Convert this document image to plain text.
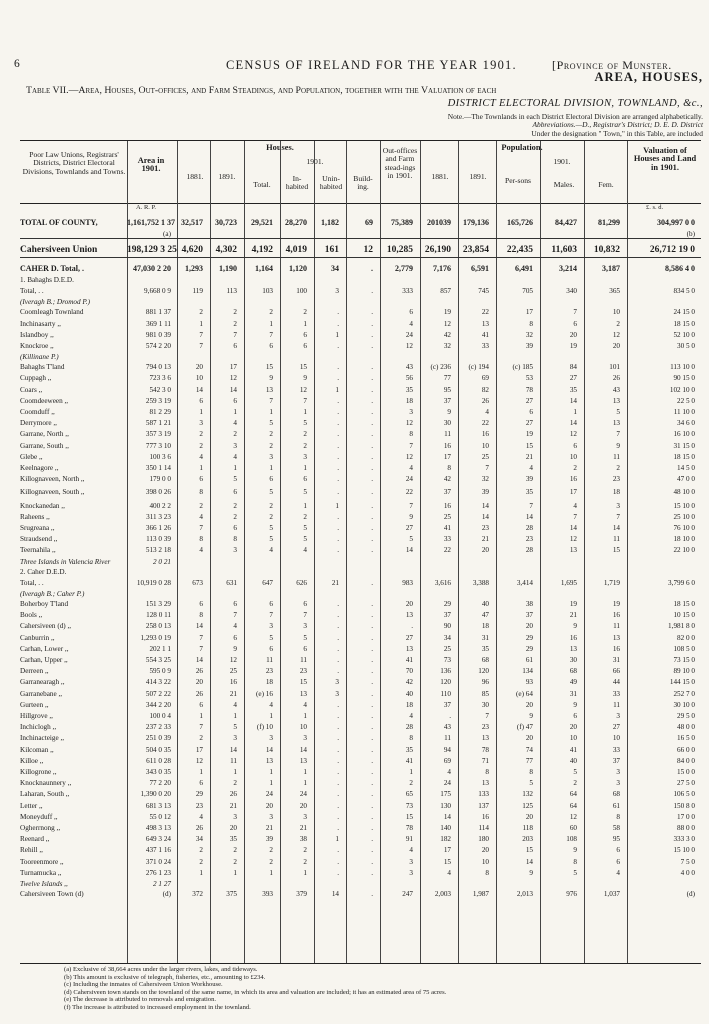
6	CENSUS OF IRELAND FOR THE YEAR 1901.	[Province of Munster.
AREA, HOUSES,
Table VII.—Area, Houses, Out-offices, and Farm Steadings, and Population, together with the Valuation of each
DISTRICT ELECTORAL DIVISION, TOWNLAND, &c.,
Note.—The Townlands in each District Electoral Division are arranged alphabetically.
Abbreviations.—D., Registrar's District; D. E. D. District
Under the designation " Town," in this Table, are included
Poor Law Unions, Registrars' Districts, District Electoral Divisions, Townlands and Towns.
Area in 1901.
Houses.
1881.	1891.
1901.
Total.
In-habited
Unin-habited
Build-ing.
Out-offices and Farm stead-ings in 1901.
Population.
1881.	1891.
1901.
Per-sons	Males.	Fem.
Valuation of Houses and Land in 1901.
A. R. P.	£. s. d.
TOTAL OF COUNTY,	1,161,752 1 37 32,517	30,723	29,521	28,270	1,182	69	75,389	201039	179,136	165,726	84,427	81,299	304,997 0 0
(a)	(b)
Cahersiveen Union	198,129 3 25 4,620	4,302	4,192	4,019	161	12	10,285	26,190	23,854	22,435	11,603	10,832	26,712 19 0
CAHER D. Total, .	47,030 2 20	1,293	1,190	1,164	1,120	34	.	2,779	7,176	6,591	6,491	3,214	3,187	8,586 4 0
1. Bahaghs D.E.D.
Total, . .	9,668 0 9	119	113	103	100	3	.	333	857	745	705	340	365	834 5 0
(Iveragh B.; Dromod P.)
Coomleagh Townland	881 1 37	2	2	2	2	.	.	6	19	22	17	7	10	24 15 0
Inchinasarty ,,	369 1 11	1	2	1	1	.	.	4	12	13	8	6	2	18 15 0
Islandboy ,,	981 0 39	7	7	7	6	1	.	24	42	41	32	20	12	52 10 0
Knockroe ,,	574 2 20	7	6	6	6	.	.	12	32	33	39	19	20	30 5 0
(Killinane P.)
Bahaghs T'land	794 0 13	20	17	15	15	.	.	43	(c) 236	(c) 194	(c) 185	84	101	113 10 0
Cuppagh ,,	723 3 6	10	12	9	9	.	.	56	77	69	53	27	26	90 15 0
Coars ,,	542 3 0	14	14	13	12	1	.	35	95	82	78	35	43	102 10 0
Coomdeeween ,,	259 3 19	6	6	7	7	.	.	18	37	26	27	14	13	22 5 0
Coomduff ,,	81 2 29	1	1	1	1	.	.	3	9	4	6	1	5	11 10 0
Derrymore ,,	587 1 21	3	4	5	5	.	.	12	30	22	27	14	13	34 6 0
Garrane, North ,,	357 3 19	2	2	2	2	.	.	8	11	16	19	12	7	16 10 0
Garrane, South ,,	777 3 10	2	3	2	2	.	.	7	16	10	15	6	9	31 15 0
Glebe ,,	100 3 6	4	4	3	3	.	.	12	17	25	21	10	11	18 15 0
Keelnagore ,,	350 1 14	1	1	1	1	.	.	4	8	7	4	2	2	14 5 0
Killognaveen, North ,,	179 0 0	6	5	6	6	.	.	24	42	32	39	16	23	47 0 0
Killognaveen, South ,,	398 0 26	8	6	5	5	.	.	22	37	39	35	17	18	48 10 0
Knockanedan ,,	400 2 2	2	2	2	1	1	.	7	16	14	7	4	3	15 10 0
Raheens ,,	311 3 23	4	2	2	2	.	.	9	25	14	14	7	7	25 10 0
Srugreana ,,	366 1 26	7	6	5	5	.	.	27	41	23	28	14	14	76 10 0
Straudsend ,,	113 0 39	8	8	5	5	.	.	5	33	21	23	12	11	18 10 0
Teernahila ,,	513 2 18	4	3	4	4	.	.	14	22	20	28	13	15	22 10 0
Three Islands in Valencia River	2 0 21
2. Caher D.E.D.
Total, . .	10,919 0 28	673	631	647	626	21	.	983	3,616	3,388	3,414	1,695	1,719	3,799 6 0
(Iveragh B.; Caher P.)
Boherboy T'land	151 3 29	6	6	6	6	.	.	20	29	40	38	19	19	18 15 0
Bools ,,	128 0 11	8	7	7	7	.	.	13	37	47	37	21	16	10 15 0
Cahersiveen (d) ,,	258 0 13	14	4	3	3	.	.	.	90	18	20	9	11	1,981 8 0
Canburrin ,,	1,293 0 19	7	6	5	5	.	.	27	34	31	29	16	13	82 0 0
Carhan, Lower ,,	202 1 1	7	9	6	6	.	.	13	25	35	29	13	16	108 5 0
Carhan, Upper ,,	554 3 25	14	12	11	11	.	.	41	73	68	61	30	31	73 15 0
Derreen ,,	595 0 9	26	25	23	23	.	.	70	136	120	134	68	66	89 10 0
Garranearagh ,,	414 3 22	20	16	18	15	3	.	42	120	96	93	49	44	144 15 0
Garranebane ,,	507 2 22	26	21	(e) 16	13	3	.	40	110	85	(e) 64	31	33	252 7 0
Gurteen ,,	344 2 20	6	4	4	4	.	.	18	37	30	20	9	11	30 10 0
Hillgrove ,,	100 0 4	1	1	1	1	.	.	4	.	7	9	6	3	29 5 0
Inchiclogh ,,	237 2 33	7	5	(f) 10	10	.	.	28	43	23	(f) 47	20	27	48 0 0
Inchinacteige ,,	251 0 39	2	3	3	3	.	.	8	11	13	20	10	10	16 5 0
Kilcoman ,,	504 0 35	17	14	14	14	.	.	35	94	78	74	41	33	66 0 0
Killoe ,,	611 0 28	12	11	13	13	.	.	41	69	71	77	40	37	84 0 0
Killogrone ,,	343 0 35	1	1	1	1	.	.	1	4	8	8	5	3	15 0 0
Knocknaunnery ,,	77 2 20	6	2	1	1	.	.	2	24	13	5	2	3	27 5 0
Laharan, South ,,	1,390 0 20	29	26	24	24	.	.	65	175	133	132	64	68	106 5 0
Letter ,,	681 3 13	23	21	20	20	.	.	73	130	137	125	64	61	150 8 0
Moneyduff ,,	55 0 12	4	3	3	3	.	.	15	14	16	20	12	8	17 0 0
Ogherrnong ,,	498 3 13	26	20	21	21	.	.	78	140	114	118	60	58	88 0 0
Reenard ,,	649 3 24	34	35	39	38	1	.	91	182	180	203	108	95	333 3 0
Rehill ,,	437 1 16	2	2	2	2	.	.	4	17	20	15	9	6	15 10 0
Tooreenmore ,,	371 0 24	2	2	2	2	.	.	3	15	10	14	8	6	7 5 0
Turnamucka ,,	276 1 23	1	1	1	1	.	.	3	4	8	9	5	4	4 0 0
Twelve Islands ,,	2 1 27
Cahersiveen Town (d)	(d)	372	375	393	379	14	.	247	2,003	1,987	2,013	976	1,037	(d)
(a) Exclusive of 38,664 acres under the larger rivers, lakes, and tideways.
(b) This amount is exclusive of telegraph, fisheries, etc., amounting to £234.
(c) Including the inmates of Cahersiveen Union Workhouse.
(d) Cahersiveen town stands on the townland of the same name, in which its area and valuation are included; it has an estimated area of 75 acres.
(e) The decrease is attributed to removals and emigration.
(f) The increase is attributed to increased employment in the townland.
